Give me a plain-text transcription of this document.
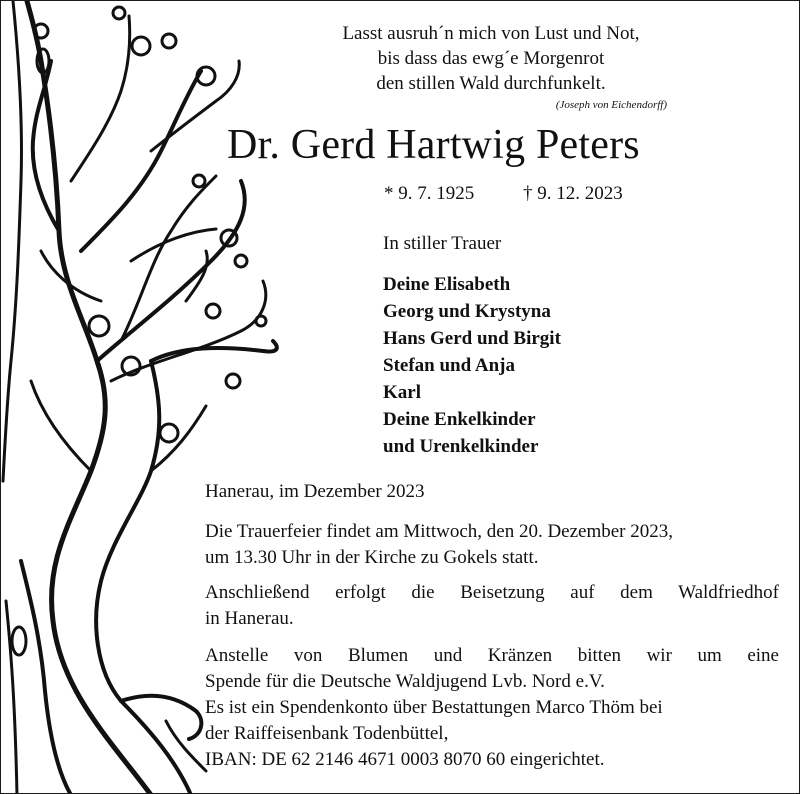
Lasst ausruh´n mich von Lust und Not,
bis dass das ewg´e Morgenrot
den stillen Wald durchfunkelt.
(Joseph von Eichendorff)
Dr. Gerd Hartwig Peters
* 9. 7. 1925	† 9. 12. 2023
In stiller Trauer
Deine Elisabeth
Georg und Krystyna
Hans Gerd und Birgit
Stefan und Anja
Karl
Deine Enkelkinder
und Urenkelkinder
Hanerau, im Dezember 2023
Die Trauerfeier findet am Mittwoch, den 20. Dezember 2023,
um 13.30 Uhr in der Kirche zu Gokels statt.
Anschließend erfolgt die Beisetzung auf dem Waldfriedhof
in Hanerau.
Anstelle von Blumen und Kränzen bitten wir um eine
Spende für die Deutsche Waldjugend Lvb. Nord e.V.
Es ist ein Spendenkonto über Bestattungen Marco Thöm bei
der Raiffeisenbank Todenbüttel,
IBAN: DE 62 2146 4671 0003 8070 60 eingerichtet.
